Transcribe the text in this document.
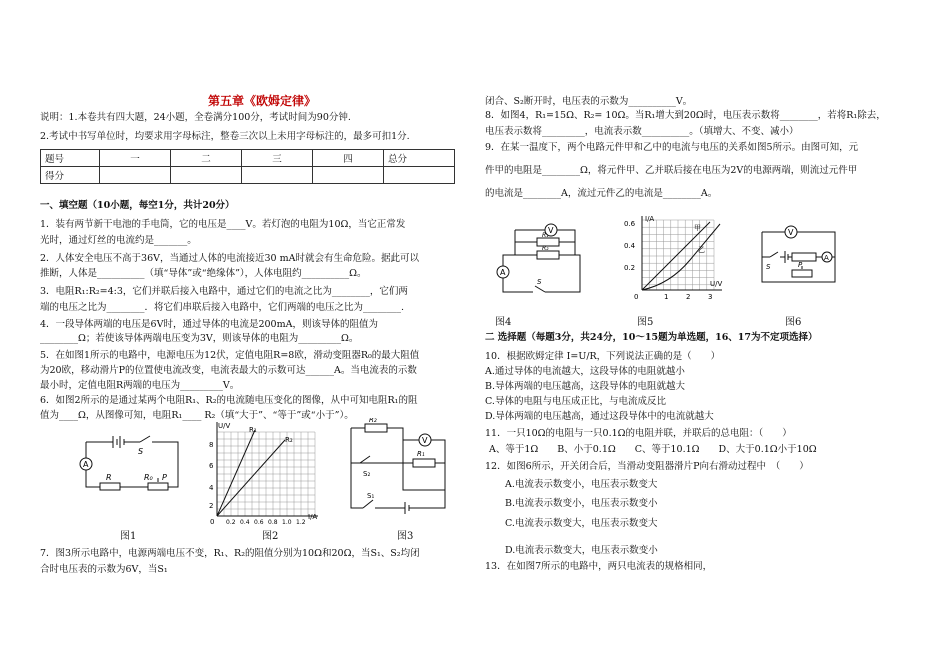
第五章《欧姆定律》
说明：1.本卷共有四大题，24小题，全卷满分100分，考试时间为90分钟.
2.考试中书写单位时，均要求用字母标注，整卷三次以上未用字母标注的，最多可扣1分.
题号	一	二	三	四	总分
得分					
一、填空题（10小题，每空1分，共计20分）
1．装有两节新干电池的手电筒，它的电压是____V。若灯泡的电阻为10Ω，当它正常发
光时，通过灯丝的电流约是_______。
2．人体安全电压不高于36V，当通过人体的电流接近30 mA时就会有生命危险。据此可以
推断，人体是__________（填“导体”或“绝缘体”），人体电阻约__________Ω。
3．电阻R₁:R₂=4:3，它们并联后接入电路中，通过它们的电流之比为________，它们两
端的电压之比为________．将它们串联后接入电路中，它们两端的电压之比为________.
4．一段导体两端的电压是6V时，通过导体的电流是200mA，则该导体的阻值为
________Ω；若使该导体两端电压变为3V，则该导体的电阻为_________Ω。
5．在如图1所示的电路中，电源电压为12伏，定值电阻R=8欧，滑动变阻器R₀的最大阻值
为20欧，移动滑片P的位置使电流改变，电流表最大的示数可达______A。当电流表的示数
最小时，定值电阻R两端的电压为_________V。
6．如图2所示的是通过某两个电阻R₁、R₂的电流随电压变化的图像，从中可知电阻R₁的阻
值为____Ω，从图像可知，电阻R₁____ R₂（填“大于”、“等于”或“小于”）。
A
S
R	R₀ P
图1
U/V
8
6
4
2
0 0.2 0.4 0.6 0.8 1.0 1.2
I/A
R₁
R₂
图2
R₂
V
S₂
R₁
S₁
图3
7．图3所示电路中，电源两端电压不变，R₁、R₂的阻值分别为10Ω和20Ω，当S₁、S₂均闭
合时电压表的示数为6V，当S₁
闭合、S₂断开时，电压表的示数为__________V。
8．如图4，R₁=15Ω、R₂= 10Ω。当R₁增大到20Ω时，电压表示数将________，若将R₁除去，
电压表示数将_________，电流表示数__________。（填增大、不变、减小）
9．在某一温度下，两个电路元件甲和乙中的电流与电压的关系如图5所示。由图可知，元
件甲的电阻是________Ω，将元件甲、乙并联后接在电压为2V的电源两端，则流过元件甲
的电流是________A，流过元件乙的电流是________A。
V
R₁
R₂
A
S
图4
I/A
0.6
0.4
0.2
0	1	2	3
U/V
甲
乙
图5
V
S	P
A
图6
二 选择题（每题3分，共24分，10～15题为单选题，16、17为不定项选择）
10．根据欧姆定律 I=U/R，下列说法正确的是（　　）
A.通过导体的电流越大，这段导体的电阻就越小
B.导体两端的电压越高，这段导体的电阻就越大
C.导体的电阻与电压成正比，与电流成反比
D.导体两端的电压越高，通过这段导体中的电流就越大
11．一只10Ω的电阻与一只0.1Ω的电阻并联，并联后的总电阻：（　　）
A、等于1Ω　　B、小于0.1Ω　　C、等于10.1Ω　　D、大于0.1Ω小于10Ω
12．如图6所示，开关闭合后，当滑动变阻器滑片P向右滑动过程中　（　　）
A.电流表示数变小，电压表示数变大
B.电流表示数变小，电压表示数变小
C.电流表示数变大，电压表示数变大
D.电流表示数变大，电压表示数变小
13．在如图7所示的电路中，两只电流表的规格相同，
